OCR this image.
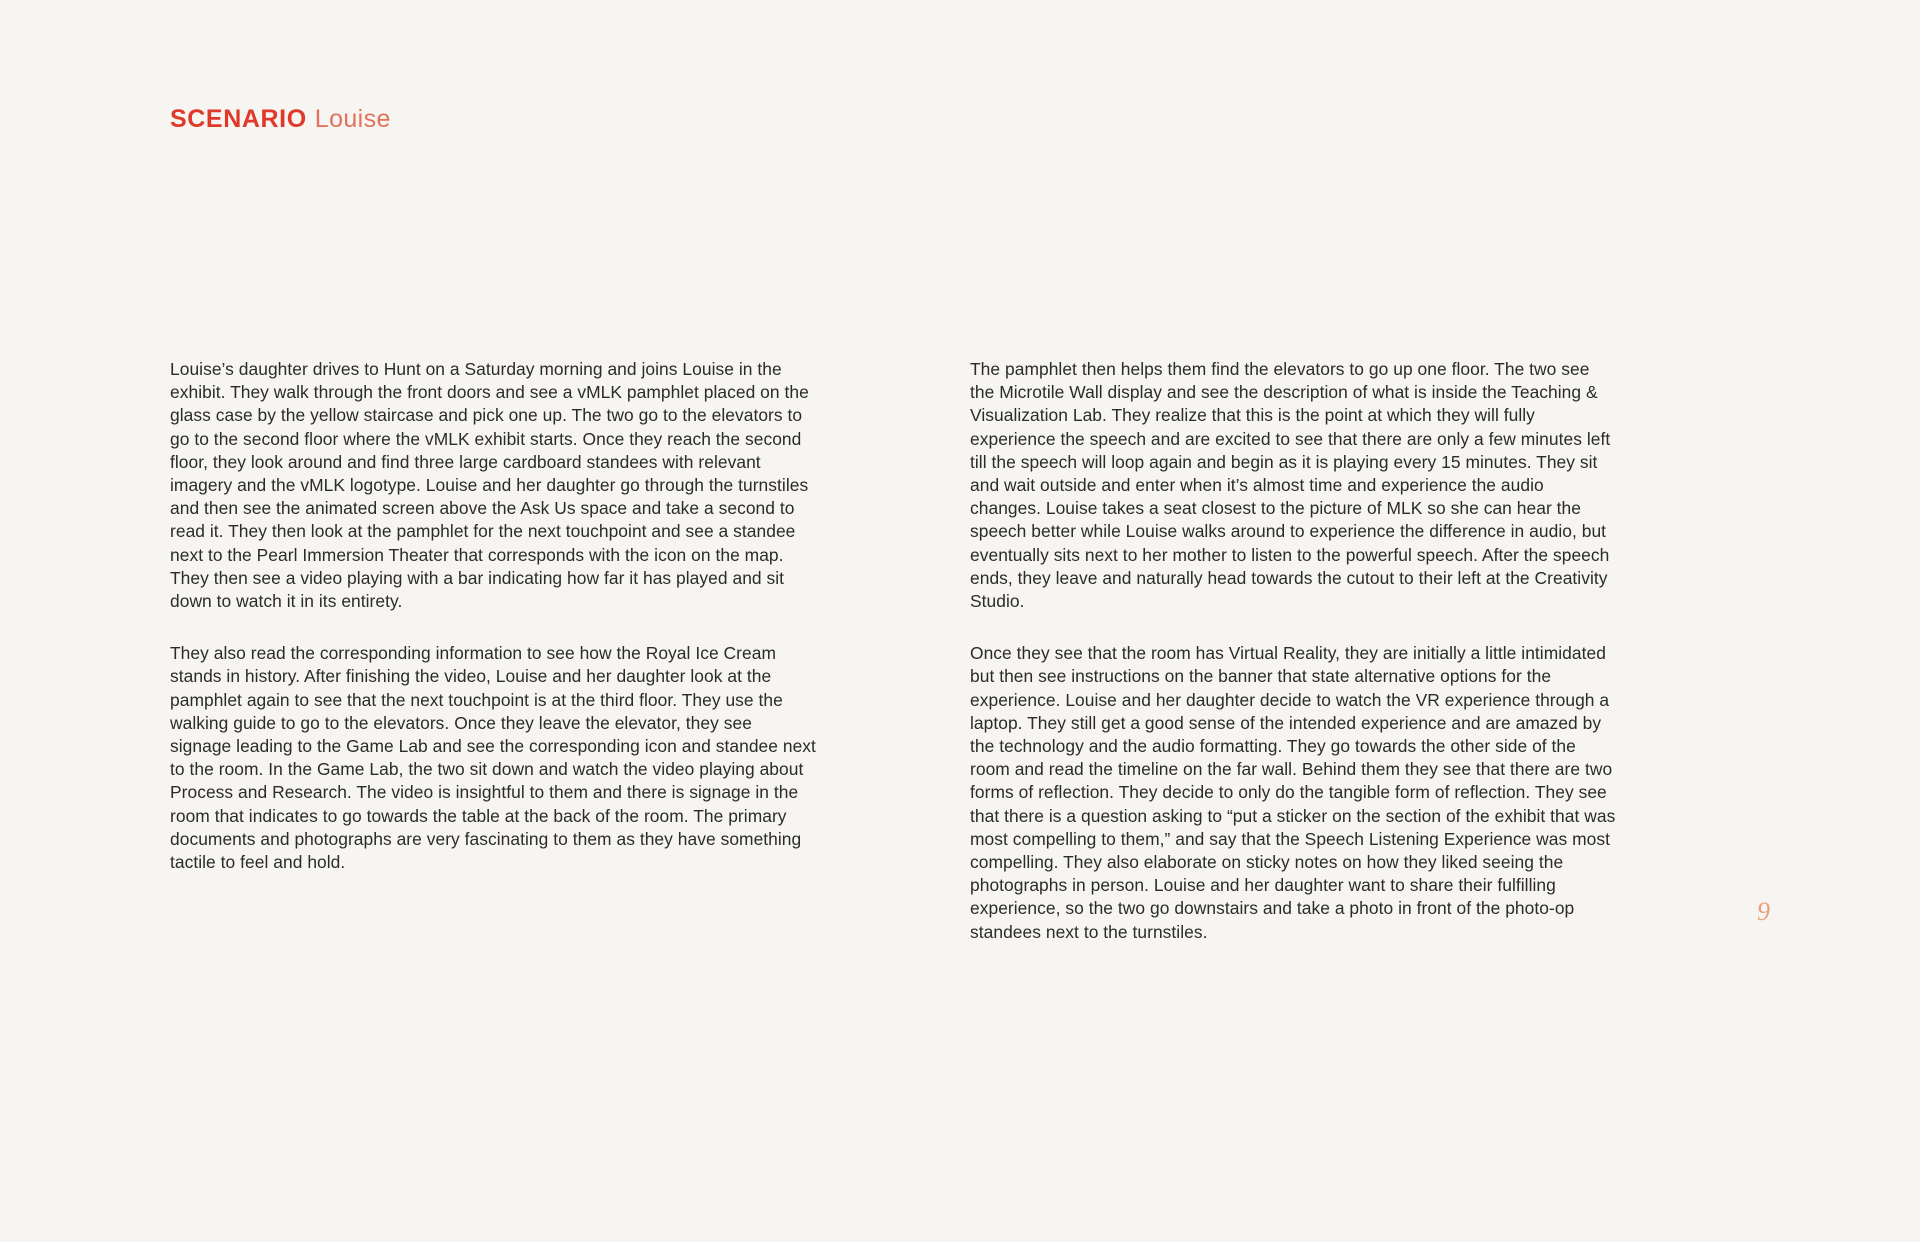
SCENARIO Louise

Louise’s daughter drives to Hunt on a Saturday morning and joins Louise in the exhibit. They walk through the front doors and see a vMLK pamphlet placed on the glass case by the yellow staircase and pick one up. The two go to the elevators to go to the second floor where the vMLK exhibit starts. Once they reach the second floor, they look around and find three large cardboard standees with relevant imagery and the vMLK logotype. Louise and her daughter go through the turnstiles and then see the animated screen above the Ask Us space and take a second to read it. They then look at the pamphlet for the next touchpoint and see a standee next to the Pearl Immersion Theater that corresponds with the icon on the map. They then see a video playing with a bar indicating how far it has played and sit down to watch it in its entirety.

They also read the corresponding information to see how the Royal Ice Cream stands in history. After finishing the video, Louise and her daughter look at the pamphlet again to see that the next touchpoint is at the third floor. They use the walking guide to go to the elevators. Once they leave the elevator, they see signage leading to the Game Lab and see the corresponding icon and standee next to the room. In the Game Lab, the two sit down and watch the video playing about Process and Research. The video is insightful to them and there is signage in the room that indicates to go towards the table at the back of the room. The primary documents and photographs are very fascinating to them as they have something tactile to feel and hold.

The pamphlet then helps them find the elevators to go up one floor. The two see the Microtile Wall display and see the description of what is inside the Teaching & Visualization Lab. They realize that this is the point at which they will fully experience the speech and are excited to see that there are only a few minutes left till the speech will loop again and begin as it is playing every 15 minutes. They sit and wait outside and enter when it’s almost time and experience the audio changes. Louise takes a seat closest to the picture of MLK so she can hear the speech better while Louise walks around to experience the difference in audio, but eventually sits next to her mother to listen to the powerful speech. After the speech ends, they leave and naturally head towards the cutout to their left at the Creativity Studio.

Once they see that the room has Virtual Reality, they are initially a little intimidated but then see instructions on the banner that state alternative options for the experience. Louise and her daughter decide to watch the VR experience through a laptop. They still get a good sense of the intended experience and are amazed by the technology and the audio formatting. They go towards the other side of the room and read the timeline on the far wall. Behind them they see that there are two forms of reflection. They decide to only do the tangible form of reflection. They see that there is a question asking to “put a sticker on the section of the exhibit that was most compelling to them,” and say that the Speech Listening Experience was most compelling. They also elaborate on sticky notes on how they liked seeing the photographs in person. Louise and her daughter want to share their fulfilling experience, so the two go downstairs and take a photo in front of the photo-op standees next to the turnstiles.

9
